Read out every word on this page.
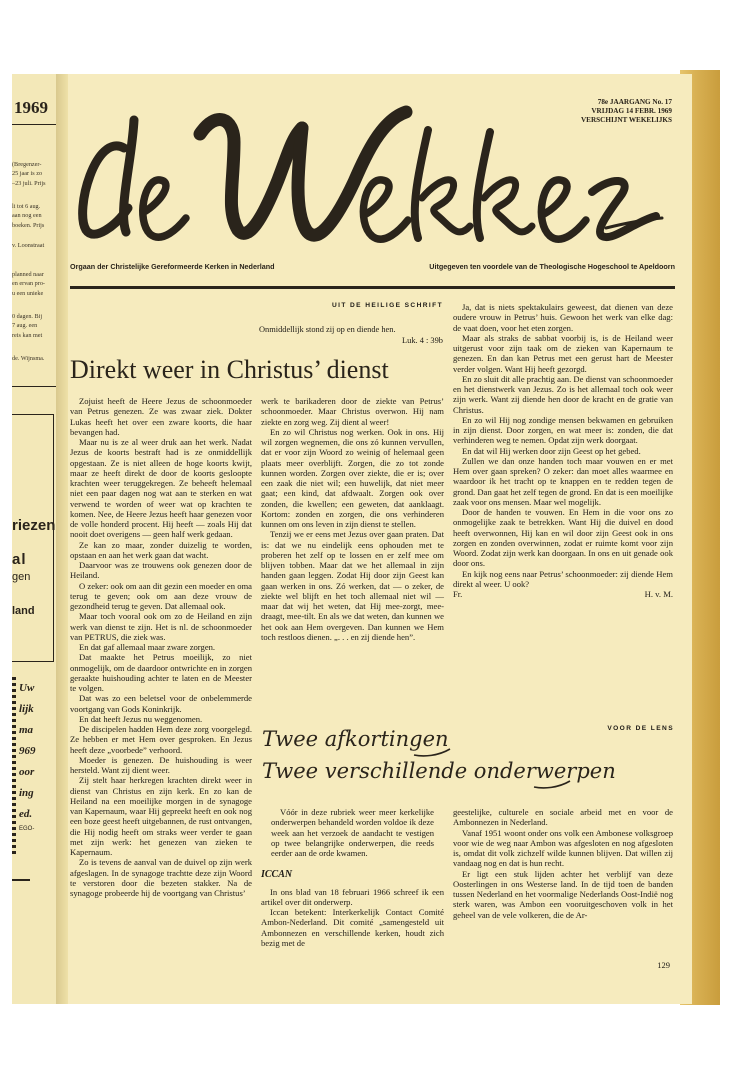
1969
(Bregenzer-
25 jaar is zo
–23 juli. Prijs
li tot 6 aug.
aan nog een
boeken. Prijs
v. Loonstraat
planned naar
en ervan pro-
u een unieke
0 dagen. Bij
7 aug. een
reis kan met
de. Wijnsma.
riezen
al
gen
land
Uw
lijk
ma
969
oor
ing
ed.
EGO-
78e JAARGANG No. 17
VRIJDAG 14 FEBR. 1969
VERSCHIJNT WEKELIJKS
Orgaan der Christelijke Gereformeerde Kerken in Nederland	Uitgegeven ten voordele van de Theologische Hogeschool te Apeldoorn
UIT DE HEILIGE SCHRIFT
Onmiddellijk stond zij op en diende hen.
Luk. 4 : 39b
Direkt weer in Christus’ dienst

Zojuist heeft de Heere Jezus de schoonmoeder van Petrus genezen. Ze was zwaar ziek. Dokter Lukas heeft het over een zware koorts, die haar bevangen had.

Maar nu is ze al weer druk aan het werk. Nadat Jezus de koorts bestraft had is ze onmiddellijk opgestaan. Ze is niet alleen de hoge koorts kwijt, maar ze heeft direkt de door de koorts gesloopte krachten weer teruggekregen. Ze beheeft helemaal niet een paar dagen nog wat aan te sterken en wat verwend te worden of weer wat op krachten te komen. Nee, de Heere Jezus heeft haar genezen voor de volle honderd procent. Hij heeft — zoals Hij dat nooit doet overigens — geen half werk gedaan.

Ze kan zo maar, zonder duizelig te worden, opstaan en aan het werk gaan dat wacht.

Daarvoor was ze trouwens ook genezen door de Heiland.

O zeker: ook om aan dit gezin een moeder en oma terug te geven; ook om aan deze vrouw de gezondheid terug te geven. Dat allemaal ook.

Maar toch vooral ook om zo de Heiland en zijn werk van dienst te zijn. Het is nl. de schoonmoeder van PETRUS, die ziek was.

En dat gaf allemaal maar zware zorgen.

Dat maakte het Petrus moeilijk, zo niet onmogelijk, om de daardoor ontwrichte en in zorgen geraakte huishouding achter te laten en de Meester te volgen.

Dat was zo een beletsel voor de onbelemmerde voortgang van Gods Koninkrijk.

En dat heeft Jezus nu weggenomen.

De discipelen hadden Hem deze zorg voorgelegd. Ze hebben er met Hem over gesproken. En Jezus heeft deze „voorbede” verhoord.

Moeder is genezen. De huishouding is weer hersteld. Want zij dient weer.

Zij stelt haar herkregen krachten direkt weer in dienst van Christus en zijn kerk. En zo kan de Heiland na een moeilijke morgen in de synagoge van Kapernaum, waar Hij gepreekt heeft en ook nog een boze geest heeft uitgebannen, de rust ontvangen, die Hij nodig heeft om straks weer verder te gaan met zijn werk: het genezen van zieken te Kapernaum.

Zo is tevens de aanval van de duivel op zijn werk afgeslagen. In de synagoge trachtte deze zijn Woord te verstoren door die bezeten stakker. Na de synagoge probeerde hij de voortgang van Christus’

werk te barikaderen door de ziekte van Petrus’ schoonmoeder. Maar Christus overwon. Hij nam ziekte en zorg weg. Zij dient al weer!

En zo wil Christus nog werken. Ook in ons. Hij wil zorgen wegnemen, die ons zó kunnen vervullen, dat er voor zijn Woord zo weinig of helemaal geen plaats meer overblijft. Zorgen, die zo tot zonde kunnen worden. Zorgen over ziekte, die er is; over een zaak die niet wil; een huwelijk, dat niet meer gaat; een kind, dat afdwaalt. Zorgen ook over zonden, die kwellen; een geweten, dat aanklaagt. Kortom: zonden en zorgen, die ons verhinderen kunnen om ons leven in zijn dienst te stellen.

Tenzij we er eens met Jezus over gaan praten. Dat is: dat we nu eindelijk eens ophouden met te proberen het zelf op te lossen en er zelf mee om blijven tobben. Maar dat we het allemaal in zijn handen gaan leggen. Zodat Hij door zijn Geest kan gaan werken in ons. Zó werken, dat — o zeker, de ziekte wel blijft en het toch allemaal niet wil — maar dat wij het weten, dat Hij mee-zorgt, mee-draagt, mee-tilt. En als we dat weten, dan kunnen we het ook aan Hem overgeven. Dan kunnen we Hem toch restloos dienen. „. . . en zij diende hen”.

Ja, dat is niets spektakulairs geweest, dat dienen van deze oudere vrouw in Petrus’ huis. Gewoon het werk van elke dag: de vaat doen, voor het eten zorgen.

Maar als straks de sabbat voorbij is, is de Heiland weer uitgerust voor zijn taak om de zieken van Kapernaum te genezen. En dan kan Petrus met een gerust hart de Meester verder volgen. Want Hij heeft gezorgd.

En zo sluit dit alle prachtig aan. De dienst van schoonmoeder en het dienstwerk van Jezus. Zo is het allemaal toch ook weer zijn werk. Want zij diende hen door de kracht en de gratie van Christus.

En zo wil Hij nog zondige mensen bekwamen en gebruiken in zijn dienst. Door zorgen, en wat meer is: zonden, die dat verhinderen weg te nemen. Opdat zijn werk doorgaat.

En dat wil Hij werken door zijn Geest op het gebed.

Zullen we dan onze handen toch maar vouwen en er met Hem over gaan spreken? O zeker: dan moet alles waarmee en waardoor ik het tracht op te knappen en te redden tegen de grond. Dan gaat het zelf tegen de grond. En dat is een moeilijke zaak voor ons mensen. Maar wel mogelijk.

Door de handen te vouwen. En Hem in die voor ons zo onmogelijke zaak te betrekken. Want Hij die duivel en dood heeft overwonnen, Hij kan en wil door zijn Geest ook in ons zorgen en zonden overwinnen, zodat er ruimte komt voor zijn Woord. Zodat zijn werk kan doorgaan. In ons en uit genade ook door ons.

En kijk nog eens naar Petrus’ schoonmoeder: zij diende Hem direkt al weer. U ook?

Fr.	H. v. M.
VOOR DE LENS
Twee afkortingen
Twee verschillende onderwerpen

Vóór in deze rubriek weer meer kerkelijke onderwerpen behandeld worden voldoe ik deze week aan het verzoek de aandacht te vestigen op twee belangrijke onderwerpen, die reeds eerder aan de orde kwamen.

ICCAN

In ons blad van 18 februari 1966 schreef ik een artikel over dit onderwerp.

Iccan betekent: Interkerkelijk Contact Comité Ambon-Nederland. Dit comité „samengesteld uit Ambonnezen en verschillende kerken, houdt zich bezig met de

geestelijke, culturele en sociale arbeid met en voor de Ambonnezen in Nederland.

Vanaf 1951 woont onder ons volk een Ambonese volksgroep voor wie de weg naar Ambon was afgesloten en nog afgesloten is, omdat dit volk zichzelf wilde kunnen blijven. Dat willen zij vandaag nog en dat is hun recht.

Er ligt een stuk lijden achter het verblijf van deze Oosterlingen in ons Westerse land. In de tijd toen de banden tussen Nederland en het voormalige Nederlands Oost-Indië nog sterk waren, was Ambon een vooruitgeschoven volk in het geheel van de vele volkeren, die de Ar-

129
